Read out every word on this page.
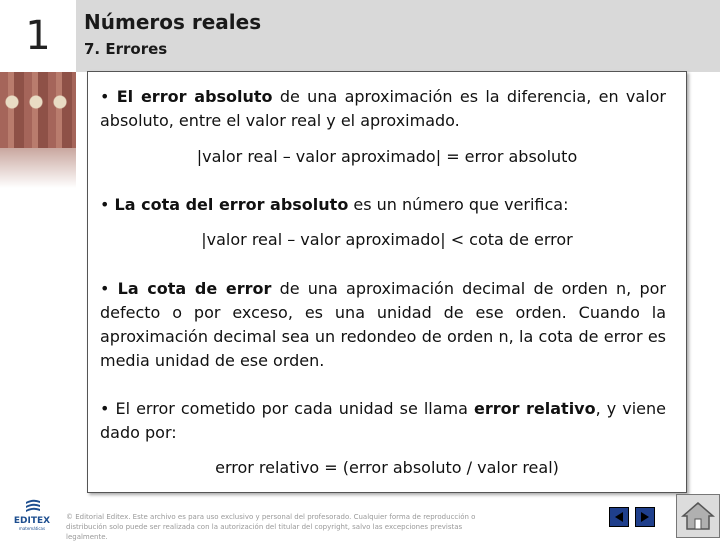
1	Números reales
7. Errores
• El error absoluto de una aproximación es la diferencia, en valor absoluto, entre el valor real y el aproximado.
|valor real – valor aproximado| = error absoluto
• La cota del error absoluto es un número que verifica:
|valor real – valor aproximado| < cota de error
• La cota de error de una aproximación decimal de orden n, por defecto o por exceso, es una unidad de ese orden. Cuando la aproximación decimal sea un redondeo de orden n, la cota de error es media unidad de ese orden.
• El error cometido por cada unidad se llama error relativo, y viene dado por:
error relativo = (error absoluto / valor real)
EDITEX
matemáticas
© Editorial Editex. Este archivo es para uso exclusivo y personal del profesorado. Cualquier forma de reproducción o distribución solo puede ser realizada con la autorización del titular del copyright, salvo las excepciones previstas legalmente.
